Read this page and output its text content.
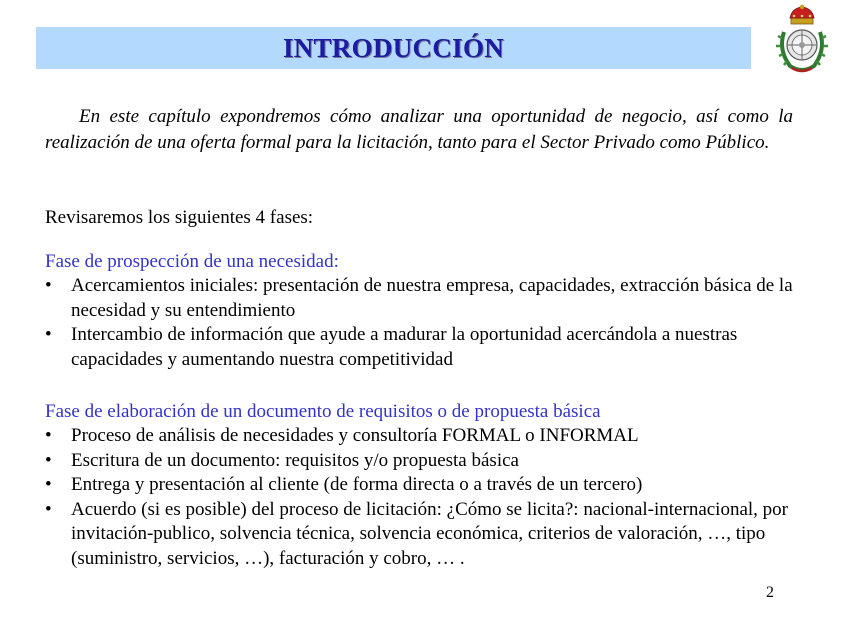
INTRODUCCIÓN

En este capítulo expondremos cómo analizar una oportunidad de negocio, así como la realización de una oferta formal para la licitación, tanto para el Sector Privado como Público.

Revisaremos los siguientes 4 fases:

Fase de prospección de una necesidad:

• Acercamientos iniciales: presentación de nuestra empresa, capacidades, extracción básica de la necesidad y su entendimiento
• Intercambio de información que ayude a madurar la oportunidad acercándola a nuestras capacidades y aumentando nuestra competitividad

Fase de elaboración de un documento de requisitos o de propuesta básica

• Proceso de análisis de necesidades y consultoría FORMAL o INFORMAL
• Escritura de un documento: requisitos y/o propuesta básica
• Entrega y presentación al cliente (de forma directa o a través de un tercero)
• Acuerdo (si es posible) del proceso de licitación: ¿Cómo se licita?: nacional-internacional, por invitación-publico, solvencia técnica, solvencia económica, criterios de valoración, …, tipo (suministro, servicios, …), facturación y cobro, … .
2
